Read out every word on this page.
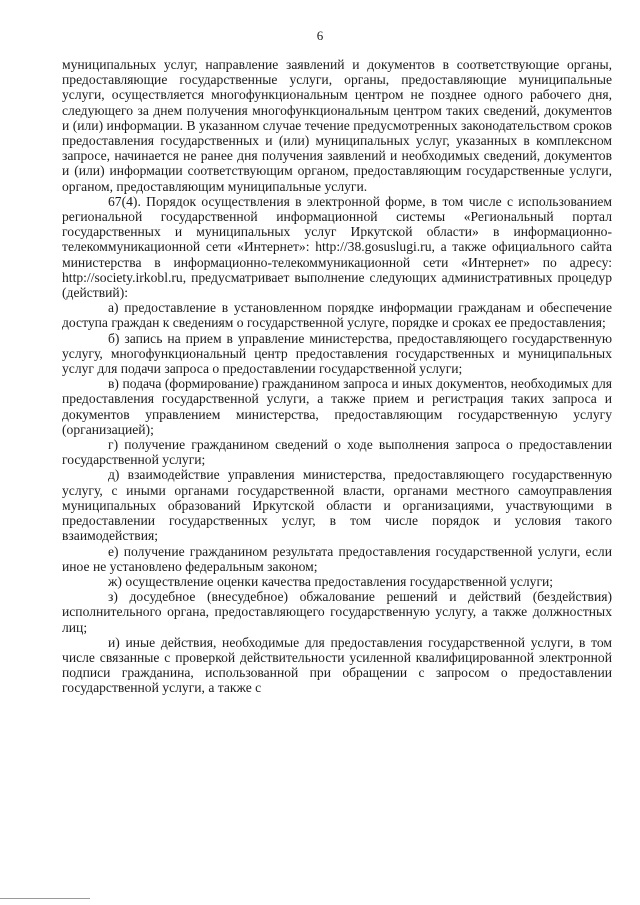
6

муниципальных услуг, направление заявлений и документов в соответствующие органы, предоставляющие государственные услуги, органы, предоставляющие муниципальные услуги, осуществляется многофункциональным центром не позднее одного рабочего дня, следующего за днем получения многофункциональным центром таких сведений, документов и (или) информации. В указанном случае течение предусмотренных законодательством сроков предоставления государственных и (или) муниципальных услуг, указанных в комплексном запросе, начинается не ранее дня получения заявлений и необходимых сведений, документов и (или) информации соответствующим органом, предоставляющим государственные услуги, органом, предоставляющим муниципальные услуги.

67(4). Порядок осуществления в электронной форме, в том числе с использованием региональной государственной информационной системы «Региональный портал государственных и муниципальных услуг Иркутской области» в информационно-телекоммуникационной сети «Интернет»: http://38.gosuslugi.ru, а также официального сайта министерства в информационно-телекоммуникационной сети «Интернет» по адресу: http://society.irkobl.ru, предусматривает выполнение следующих административных процедур (действий):

а) предоставление в установленном порядке информации гражданам и обеспечение доступа граждан к сведениям о государственной услуге, порядке и сроках ее предоставления;

б) запись на прием в управление министерства, предоставляющего государственную услугу, многофункциональный центр предоставления государственных и муниципальных услуг для подачи запроса о предоставлении государственной услуги;

в) подача (формирование) гражданином запроса и иных документов, необходимых для предоставления государственной услуги, а также прием и регистрация таких запроса и документов управлением министерства, предоставляющим государственную услугу (организацией);

г) получение гражданином сведений о ходе выполнения запроса о предоставлении государственной услуги;

д) взаимодействие управления министерства, предоставляющего государственную услугу, с иными органами государственной власти, органами местного самоуправления муниципальных образований Иркутской области и организациями, участвующими в предоставлении государственных услуг, в том числе порядок и условия такого взаимодействия;

е) получение гражданином результата предоставления государственной услуги, если иное не установлено федеральным законом;

ж) осуществление оценки качества предоставления государственной услуги;

з) досудебное (внесудебное) обжалование решений и действий (бездействия) исполнительного органа, предоставляющего государственную услугу, а также должностных лиц;

и) иные действия, необходимые для предоставления государственной услуги, в том числе связанные с проверкой действительности усиленной квалифицированной электронной подписи гражданина, использованной при обращении с запросом о предоставлении государственной услуги, а также с
